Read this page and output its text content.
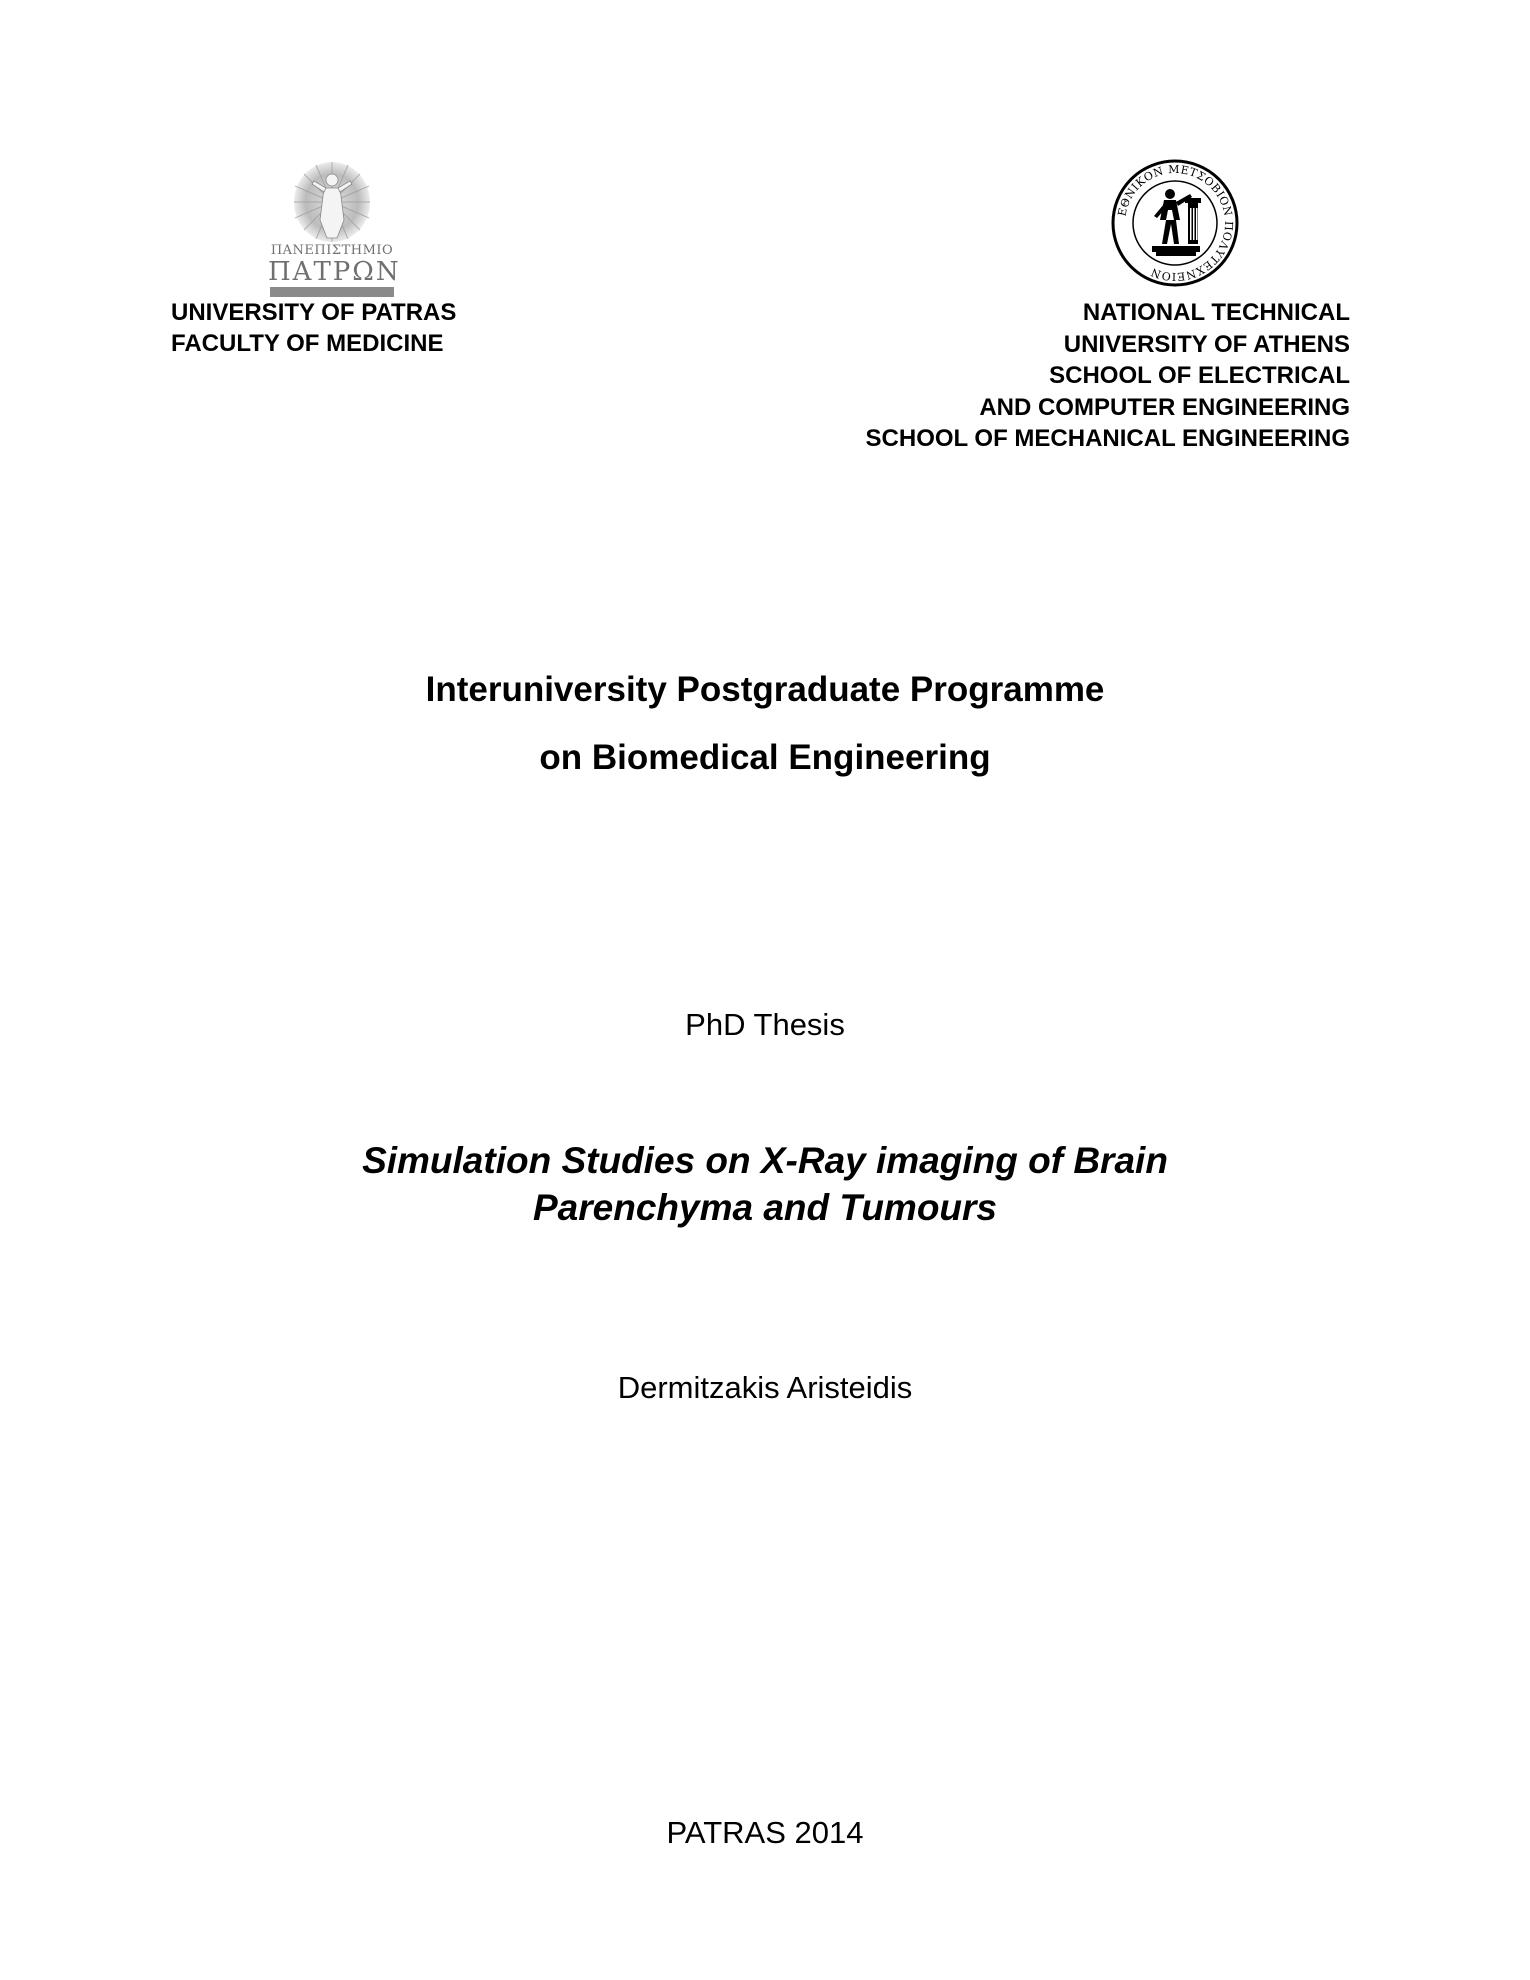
ΠΑΝΕΠΙΣΤΗΜΙΟ
ΠΑΤΡΩΝ
ΕΘΝΙΚΟΝ ΜΕΤΣΟΒΙΟΝ ΠΟΛΥΤΕΧΝΕΙΟΝ
UNIVERSITY OF PATRAS
FACULTY OF MEDICINE
NATIONAL TECHNICAL
UNIVERSITY OF ATHENS
SCHOOL OF ELECTRICAL
AND COMPUTER ENGINEERING
SCHOOL OF MECHANICAL ENGINEERING
Interuniversity Postgraduate Programme
on Biomedical Engineering
PhD Thesis
Simulation Studies on X-Ray imaging of Brain
Parenchyma and Tumours
Dermitzakis Aristeidis
PATRAS 2014
